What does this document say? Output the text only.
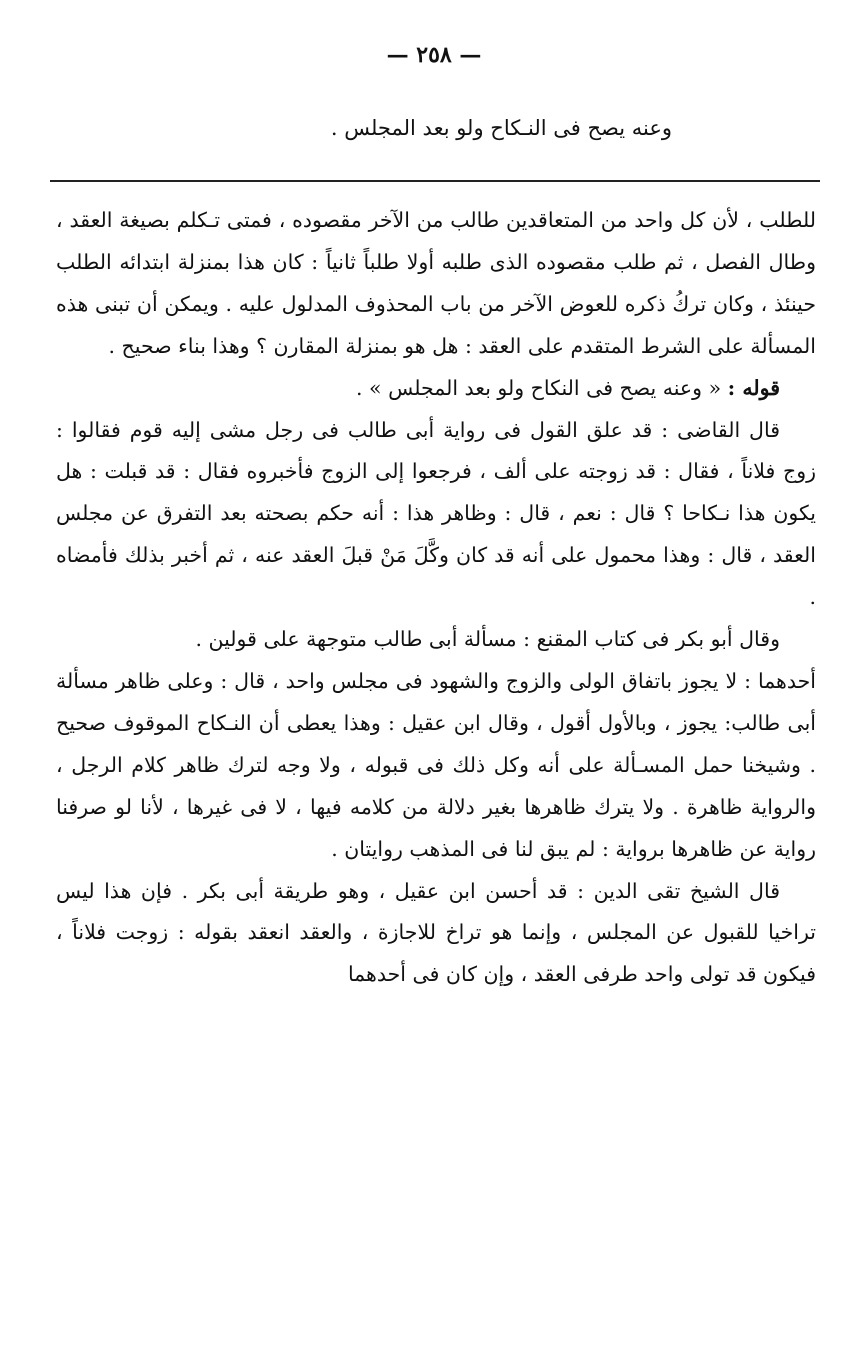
— ٢٥٨ —
وعنه يصح فى النـكاح ولو بعد المجلس .

للطلب ، لأن كل واحد من المتعاقدين طالب من الآخر مقصوده ، فمتى تـكلم بصيغة العقد ، وطال الفصل ، ثم طلب مقصوده الذى طلبه أولا طلباً ثانياً : كان هذا بمنزلة ابتدائه الطلب حينئذ ، وكان تركُ ذكره للعوض الآخر من باب المحذوف المدلول عليه . ويمكن أن تبنى هذه المسألة على الشرط المتقدم على العقد : هل هو بمنزلة المقارن ؟ وهذا بناء صحيح .

قوله : « وعنه يصح فى النكاح ولو بعد المجلس » .

قال القاضى : قد علق القول فى رواية أبى طالب فى رجل مشى إليه قوم فقالوا : زوج فلاناً ، فقال : قد زوجته على ألف ، فرجعوا إلى الزوج فأخبروه فقال : قد قبلت : هل يكون هذا نـكاحا ؟ قال : نعم ، قال : وظاهر هذا : أنه حكم بصحته بعد التفرق عن مجلس العقد ، قال : وهذا محمول على أنه قد كان وكَّلَ مَنْ قبلَ العقد عنه ، ثم أخبر بذلك فأمضاه .

وقال أبو بكر فى كتاب المقنع : مسألة أبى طالب متوجهة على قولين .

أحدهما : لا يجوز باتفاق الولى والزوج والشهود فى مجلس واحد ، قال : وعلى ظاهر مسألة أبى طالب: يجوز ، وبالأول أقول ، وقال ابن عقيل : وهذا يعطى أن النـكاح الموقوف صحيح . وشيخنا حمل المسـألة على أنه وكل ذلك فى قبوله ، ولا وجه لترك ظاهر كلام الرجل ، والرواية ظاهرة . ولا يترك ظاهرها بغير دلالة من كلامه فيها ، لا فى غيرها ، لأنا لو صرفنا رواية عن ظاهرها برواية : لم يبق لنا فى المذهب روايتان .

قال الشيخ تقى الدين : قد أحسن ابن عقيل ، وهو طريقة أبى بكر . فإن هذا ليس تراخيا للقبول عن المجلس ، وإنما هو تراخ للاجازة ، والعقد انعقد بقوله : زوجت فلاناً ، فيكون قد تولى واحد طرفى العقد ، وإن كان فى أحدهما
